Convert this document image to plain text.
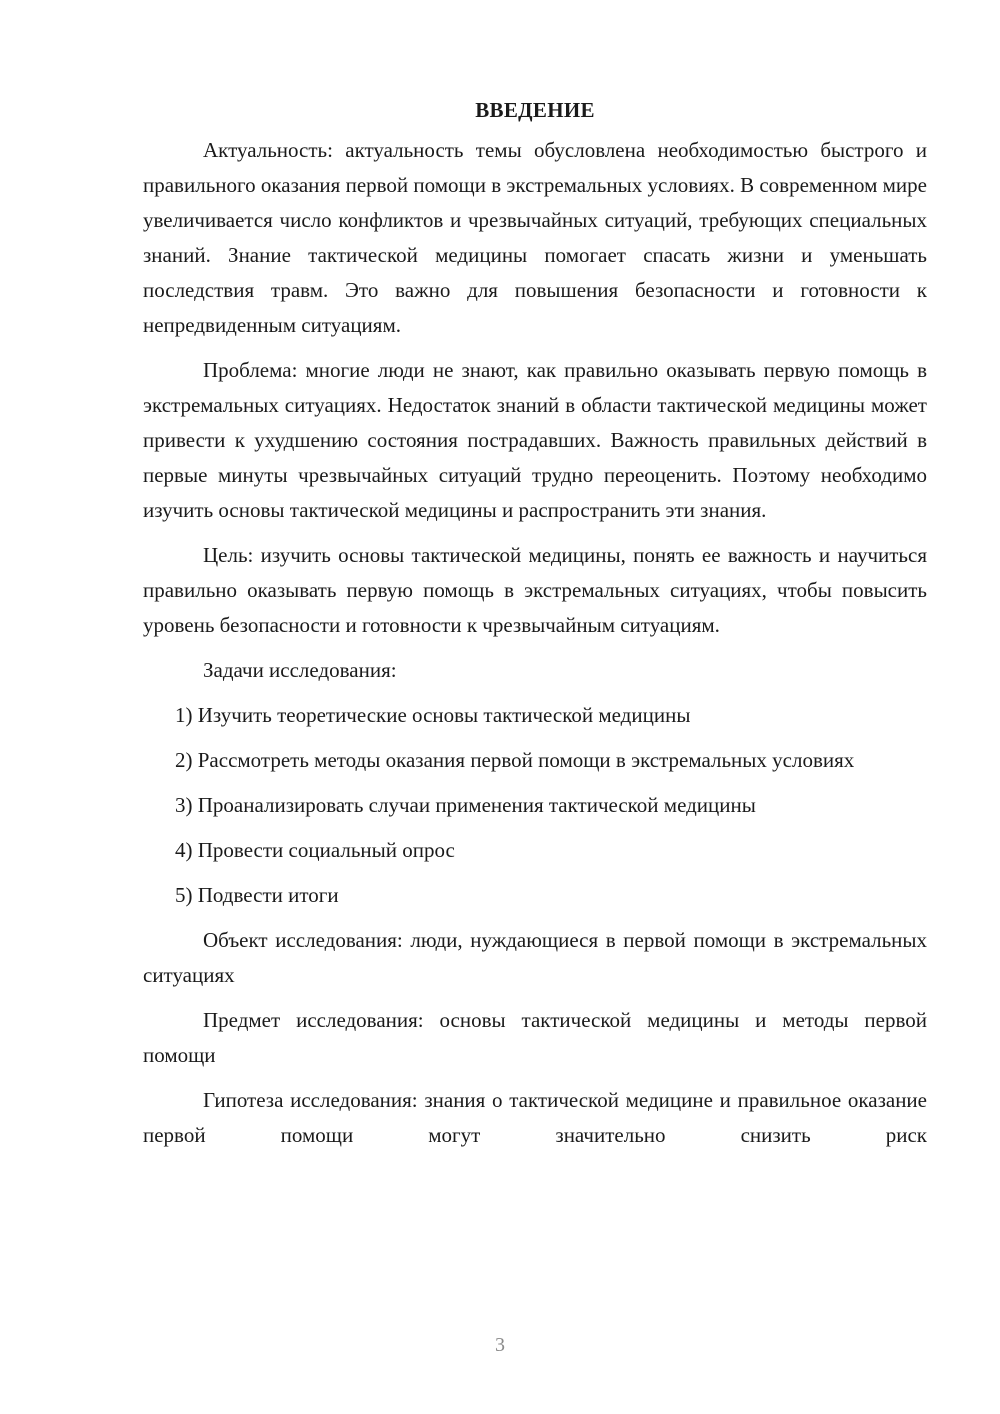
ВВЕДЕНИЕ

Актуальность: актуальность темы обусловлена необходимостью быстрого и правильного оказания первой помощи в экстремальных условиях. В современном мире увеличивается число конфликтов и чрезвычайных ситуаций, требующих специальных знаний. Знание тактической медицины помогает спасать жизни и уменьшать последствия травм. Это важно для повышения безопасности и готовности к непредвиденным ситуациям.

Проблема: многие люди не знают, как правильно оказывать первую помощь в экстремальных ситуациях. Недостаток знаний в области тактической медицины может привести к ухудшению состояния пострадавших. Важность правильных действий в первые минуты чрезвычайных ситуаций трудно переоценить. Поэтому необходимо изучить основы тактической медицины и распространить эти знания.

Цель: изучить основы тактической медицины, понять ее важность и научиться правильно оказывать первую помощь в экстремальных ситуациях, чтобы повысить уровень безопасности и готовности к чрезвычайным ситуациям.

Задачи исследования:

1) Изучить теоретические основы тактической медицины

2) Рассмотреть методы оказания первой помощи в экстремальных условиях

3) Проанализировать случаи применения тактической медицины

4) Провести социальный опрос

5) Подвести итоги

Объект исследования: люди, нуждающиеся в первой помощи в экстремальных ситуациях

Предмет исследования: основы тактической медицины и методы первой помощи

Гипотеза исследования: знания о тактической медицине и правильное оказание первой помощи могут значительно снизить риск

3
